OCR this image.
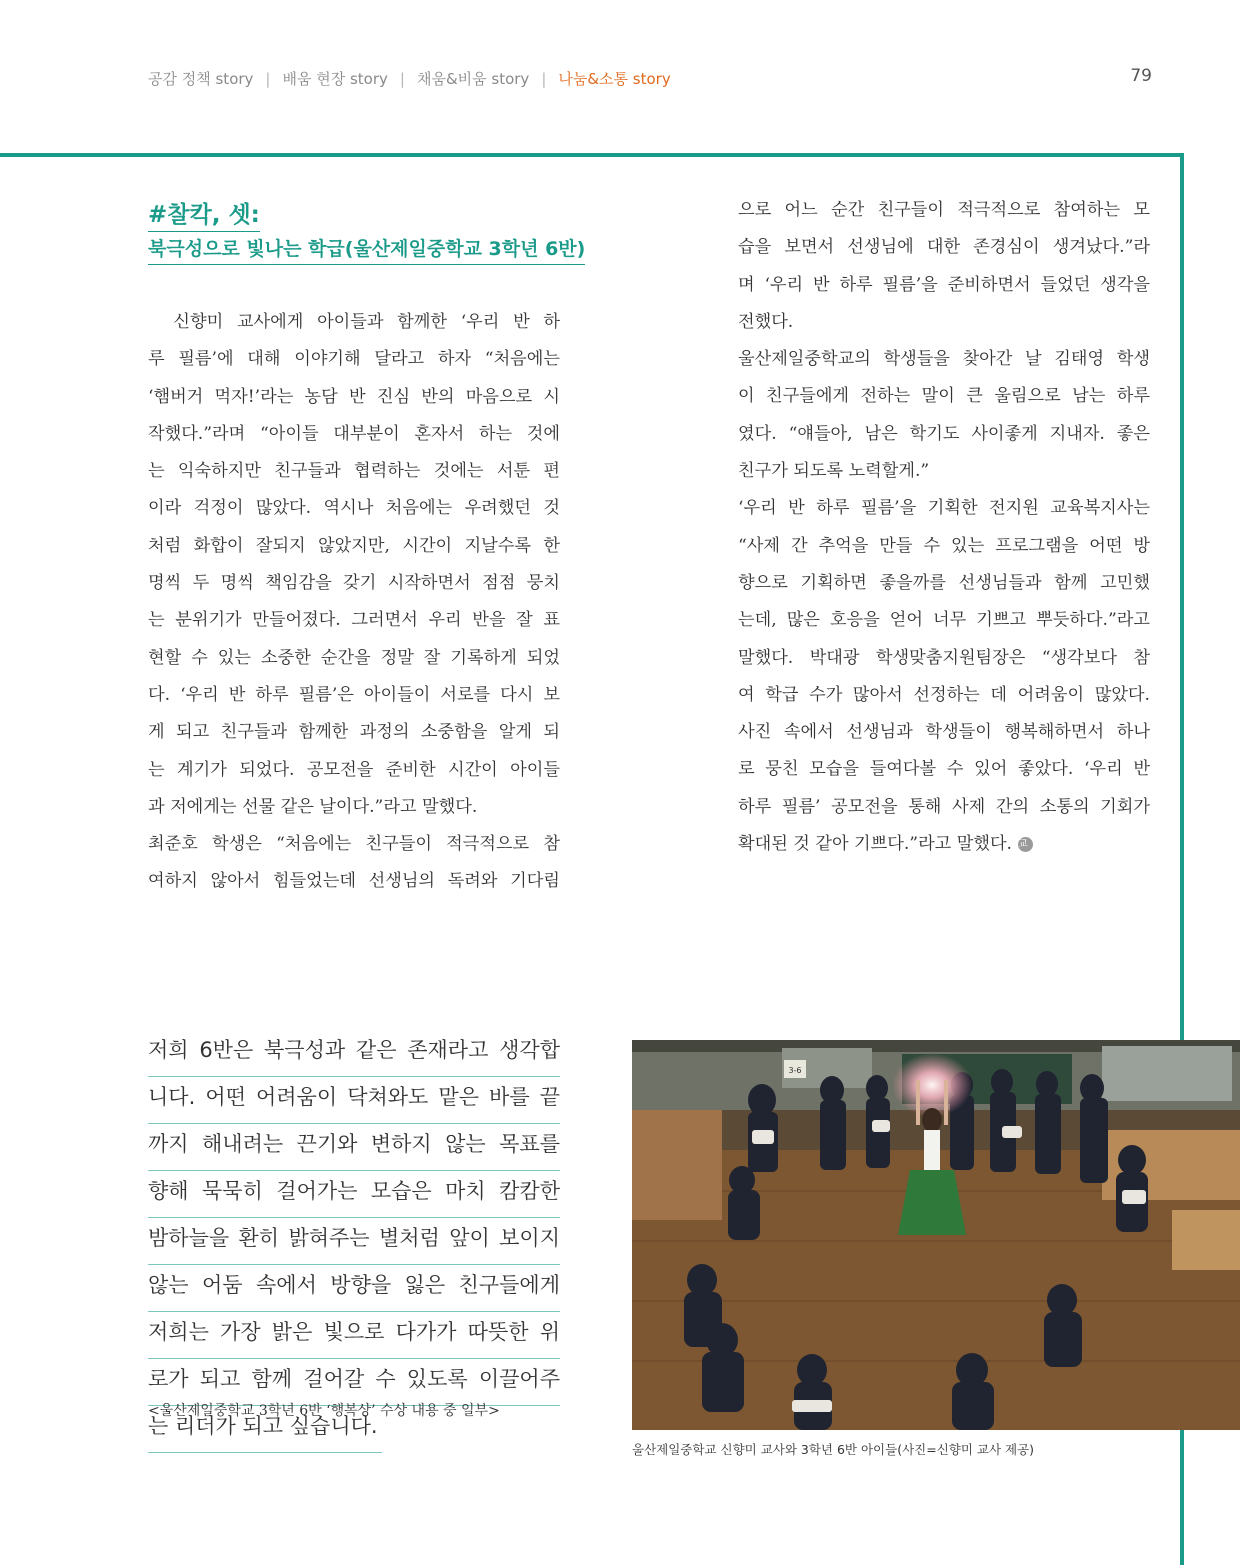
공감 정책 story | 배움 현장 story | 채움&비움 story | 나눔&소통 story	79
#찰칵, 셋:
북극성으로 빛나는 학급(울산제일중학교 3학년 6반)
　신향미 교사에게 아이들과 함께한 ‘우리 반 하
루 필름’에 대해 이야기해 달라고 하자 “처음에는
‘햄버거 먹자!’라는 농담 반 진심 반의 마음으로 시
작했다.”라며 “아이들 대부분이 혼자서 하는 것에
는 익숙하지만 친구들과 협력하는 것에는 서툰 편
이라 걱정이 많았다. 역시나 처음에는 우려했던 것
처럼 화합이 잘되지 않았지만, 시간이 지날수록 한
명씩 두 명씩 책임감을 갖기 시작하면서 점점 뭉치
는 분위기가 만들어졌다. 그러면서 우리 반을 잘 표
현할 수 있는 소중한 순간을 정말 잘 기록하게 되었
다. ‘우리 반 하루 필름’은 아이들이 서로를 다시 보
게 되고 친구들과 함께한 과정의 소중함을 알게 되
는 계기가 되었다. 공모전을 준비한 시간이 아이들
과 저에게는 선물 같은 날이다.”라고 말했다.
최준호 학생은 “처음에는 친구들이 적극적으로 참
여하지 않아서 힘들었는데 선생님의 독려와 기다림
으로 어느 순간 친구들이 적극적으로 참여하는 모
습을 보면서 선생님에 대한 존경심이 생겨났다.”라
며 ‘우리 반 하루 필름’을 준비하면서 들었던 생각을
전했다.
울산제일중학교의 학생들을 찾아간 날 김태영 학생
이 친구들에게 전하는 말이 큰 울림으로 남는 하루
였다. “얘들아, 남은 학기도 사이좋게 지내자. 좋은
친구가 되도록 노력할게.”
‘우리 반 하루 필름’을 기획한 전지원 교육복지사는
“사제 간 추억을 만들 수 있는 프로그램을 어떤 방
향으로 기획하면 좋을까를 선생님들과 함께 고민했
는데, 많은 호응을 얻어 너무 기쁘고 뿌듯하다.”라고
말했다. 박대광 학생맞춤지원팀장은 “생각보다 참
여 학급 수가 많아서 선정하는 데 어려움이 많았다.
사진 속에서 선생님과 학생들이 행복해하면서 하나
로 뭉친 모습을 들여다볼 수 있어 좋았다. ‘우리 반
하루 필름’ 공모전을 통해 사제 간의 소통의 기회가
확대된 것 같아 기쁘다.”라고 말했다. 교
저희 6반은 북극성과 같은 존재라고 생각합
니다. 어떤 어려움이 닥쳐와도 맡은 바를 끝
까지 해내려는 끈기와 변하지 않는 목표를
향해 묵묵히 걸어가는 모습은 마치 캄캄한
밤하늘을 환히 밝혀주는 별처럼 앞이 보이지
않는 어둠 속에서 방향을 잃은 친구들에게
저희는 가장 밝은 빛으로 다가가 따뜻한 위
로가 되고 함께 걸어갈 수 있도록 이끌어주
는 리더가 되고 싶습니다.
<울산제일중학교 3학년 6반 ‘행복상’ 수상 내용 중 일부>
3-6
울산제일중학교 신향미 교사와 3학년 6반 아이들(사진=신향미 교사 제공)
